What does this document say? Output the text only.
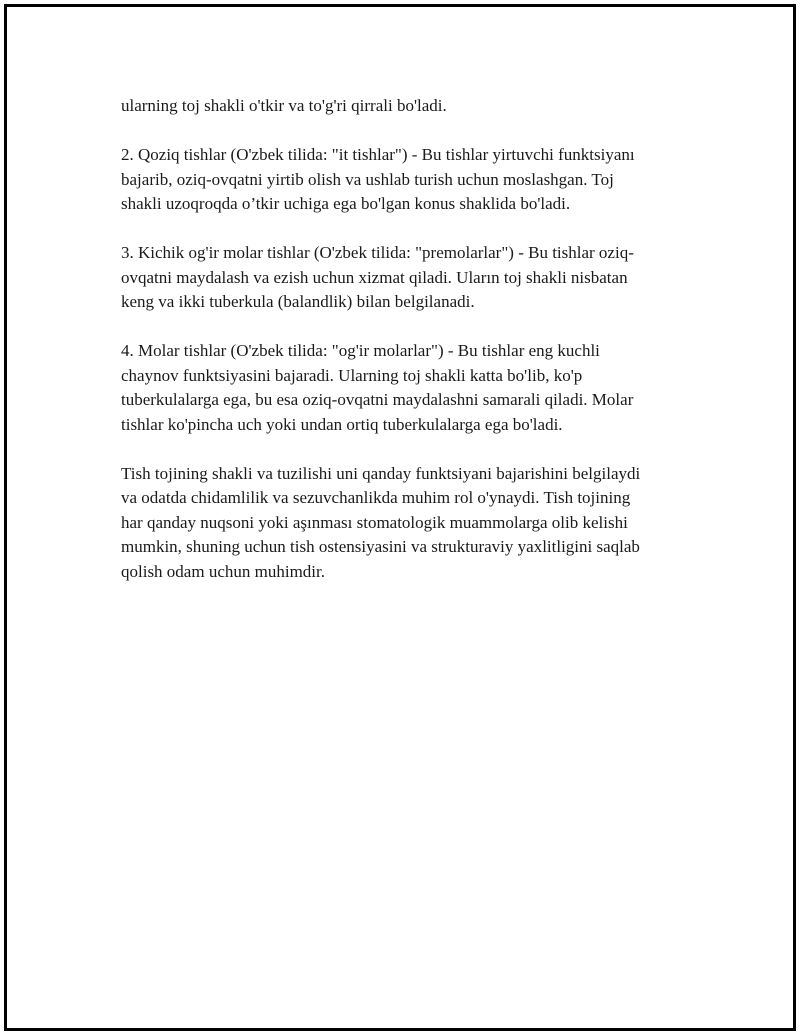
ularning toj shakli o'tkir va to'g'ri qirrali bo'ladi.

2. Qoziq tishlar (O'zbek tilida: "it tishlar") - Bu tishlar yirtuvchi funktsiyanı
bajarib, oziq-ovqatni yirtib olish va ushlab turish uchun moslashgan. Toj
shakli uzoqroqda o’tkir uchiga ega bo'lgan konus shaklida bo'ladi.

3. Kichik og'ir molar tishlar (O'zbek tilida: "premolarlar") - Bu tishlar oziq-
ovqatni maydalash va ezish uchun xizmat qiladi. Uların toj shakli nisbatan
keng va ikki tuberkula (balandlik) bilan belgilanadi.

4. Molar tishlar (O'zbek tilida: "og'ir molarlar") - Bu tishlar eng kuchli
chaynov funktsiyasini bajaradi. Ularning toj shakli katta bo'lib, ko'p
tuberkulalarga ega, bu esa oziq-ovqatni maydalashni samarali qiladi. Molar
tishlar ko'pincha uch yoki undan ortiq tuberkulalarga ega bo'ladi.

Tish tojining shakli va tuzilishi uni qanday funktsiyani bajarishini belgilaydi
va odatda chidamlilik va sezuvchanlikda muhim rol o'ynaydi. Tish tojining
har qanday nuqsoni yoki aşınması stomatologik muammolarga olib kelishi
mumkin, shuning uchun tish ostensiyasini va strukturaviy yaxlitligini saqlab
qolish odam uchun muhimdir.
